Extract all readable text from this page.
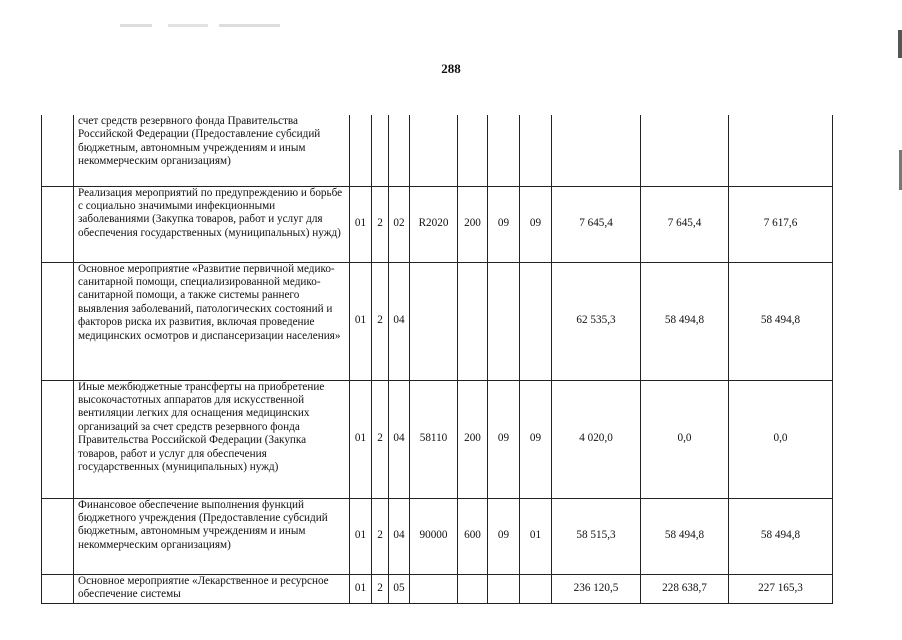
288
	счет средств резервного фонда Правительства Российской Федерации (Предоставление субсидий бюджетным, автономным учреждениям и иным некоммерческим организациям)										
	Реализация мероприятий по предупреждению и борьбе с социально значимыми инфекционными заболеваниями (Закупка товаров, работ и услуг для обеспечения государственных (муниципальных) нужд)	01	2	02	R2020	200	09	09	7 645,4	7 645,4	7 617,6
	Основное мероприятие «Развитие первичной медико-санитарной помощи, специализированной медико-санитарной помощи, а также системы раннего выявления заболеваний, патологических состояний и факторов риска их развития, включая проведение медицинских осмотров и диспансеризации населения»	01	2	04					62 535,3	58 494,8	58 494,8
	Иные межбюджетные трансферты на приобретение высокочастотных аппаратов для искусственной вентиляции легких для оснащения медицинских организаций за счет средств резервного фонда Правительства Российской Федерации (Закупка товаров, работ и услуг для обеспечения государственных (муниципальных) нужд)	01	2	04	58110	200	09	09	4 020,0	0,0	0,0
	Финансовое обеспечение выполнения функций бюджетного учреждения (Предоставление субсидий бюджетным, автономным учреждениям и иным некоммерческим организациям)	01	2	04	90000	600	09	01	58 515,3	58 494,8	58 494,8
	Основное мероприятие «Лекарственное и ресурсное обеспечение системы	01	2	05					236 120,5	228 638,7	227 165,3
